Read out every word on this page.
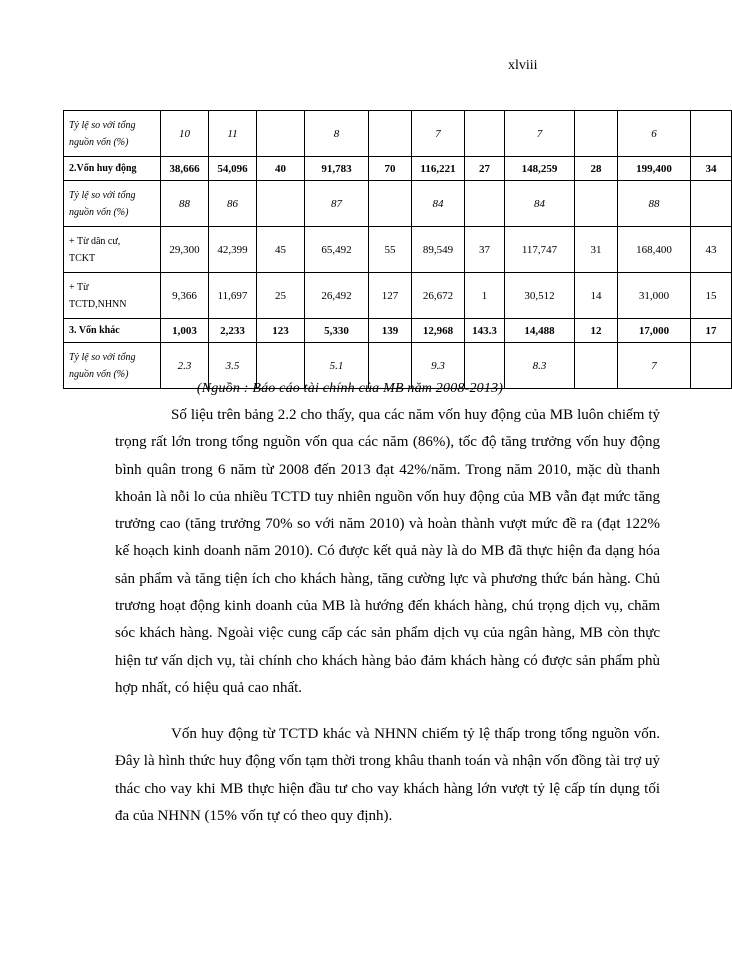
xlviii
Tỷ lệ so với tổng
nguồn vốn (%)	10	11		8		7		7		6	

2.Vốn huy động	38,666	54,096	40	91,783	70	116,221	27	148,259	28	199,400	34

Tỷ lệ so với tổng
nguồn vốn (%)	88	86		87		84		84		88	

+ Từ dân cư,
TCKT	29,300	42,399	45	65,492	55	89,549	37	117,747	31	168,400	43

+ Từ
TCTD,NHNN	9,366	11,697	25	26,492	127	26,672	1	30,512	14	31,000	15

3. Vốn khác	1,003	2,233	123	5,330	139	12,968	143.3	14,488	12	17,000	17

Tỷ lệ so với tổng
nguồn vốn (%)	2.3	3.5		5.1		9.3		8.3		7	
(Nguồn : Báo cáo tài chính của MB năm 2008-2013)

Số liệu trên bảng 2.2 cho thấy, qua các năm vốn huy động của MB luôn chiếm tỷ trọng rất lớn trong tổng nguồn vốn qua các năm (86%), tốc độ tăng trưởng vốn huy động bình quân trong 6 năm từ 2008 đến 2013 đạt 42%/năm. Trong năm 2010, mặc dù thanh khoản là nỗi lo của nhiều TCTD tuy nhiên nguồn vốn huy động của MB vẫn đạt mức tăng trưởng cao (tăng trưởng 70% so với năm 2010) và hoàn thành vượt mức đề ra (đạt 122% kế hoạch kinh doanh năm 2010). Có được kết quả này là do MB đã thực hiện đa dạng hóa sản phẩm và tăng tiện ích cho khách hàng, tăng cường lực và phương thức bán hàng. Chủ trương hoạt động kinh doanh của MB là hướng đến khách hàng, chú trọng dịch vụ, chăm sóc khách hàng. Ngoài việc cung cấp các sản phẩm dịch vụ của ngân hàng, MB còn thực hiện tư vấn dịch vụ, tài chính cho khách hàng bảo đảm khách hàng có được sản phẩm phù hợp nhất, có hiệu quả cao nhất.

Vốn huy động từ TCTD khác và NHNN chiếm tỷ lệ thấp trong tổng nguồn vốn. Đây là hình thức huy động vốn tạm thời trong khâu thanh toán và nhận vốn đồng tài trợ uỷ thác cho vay khi MB thực hiện đầu tư cho vay khách hàng lớn vượt tỷ lệ cấp tín dụng tối đa của NHNN (15% vốn tự có theo quy định).
